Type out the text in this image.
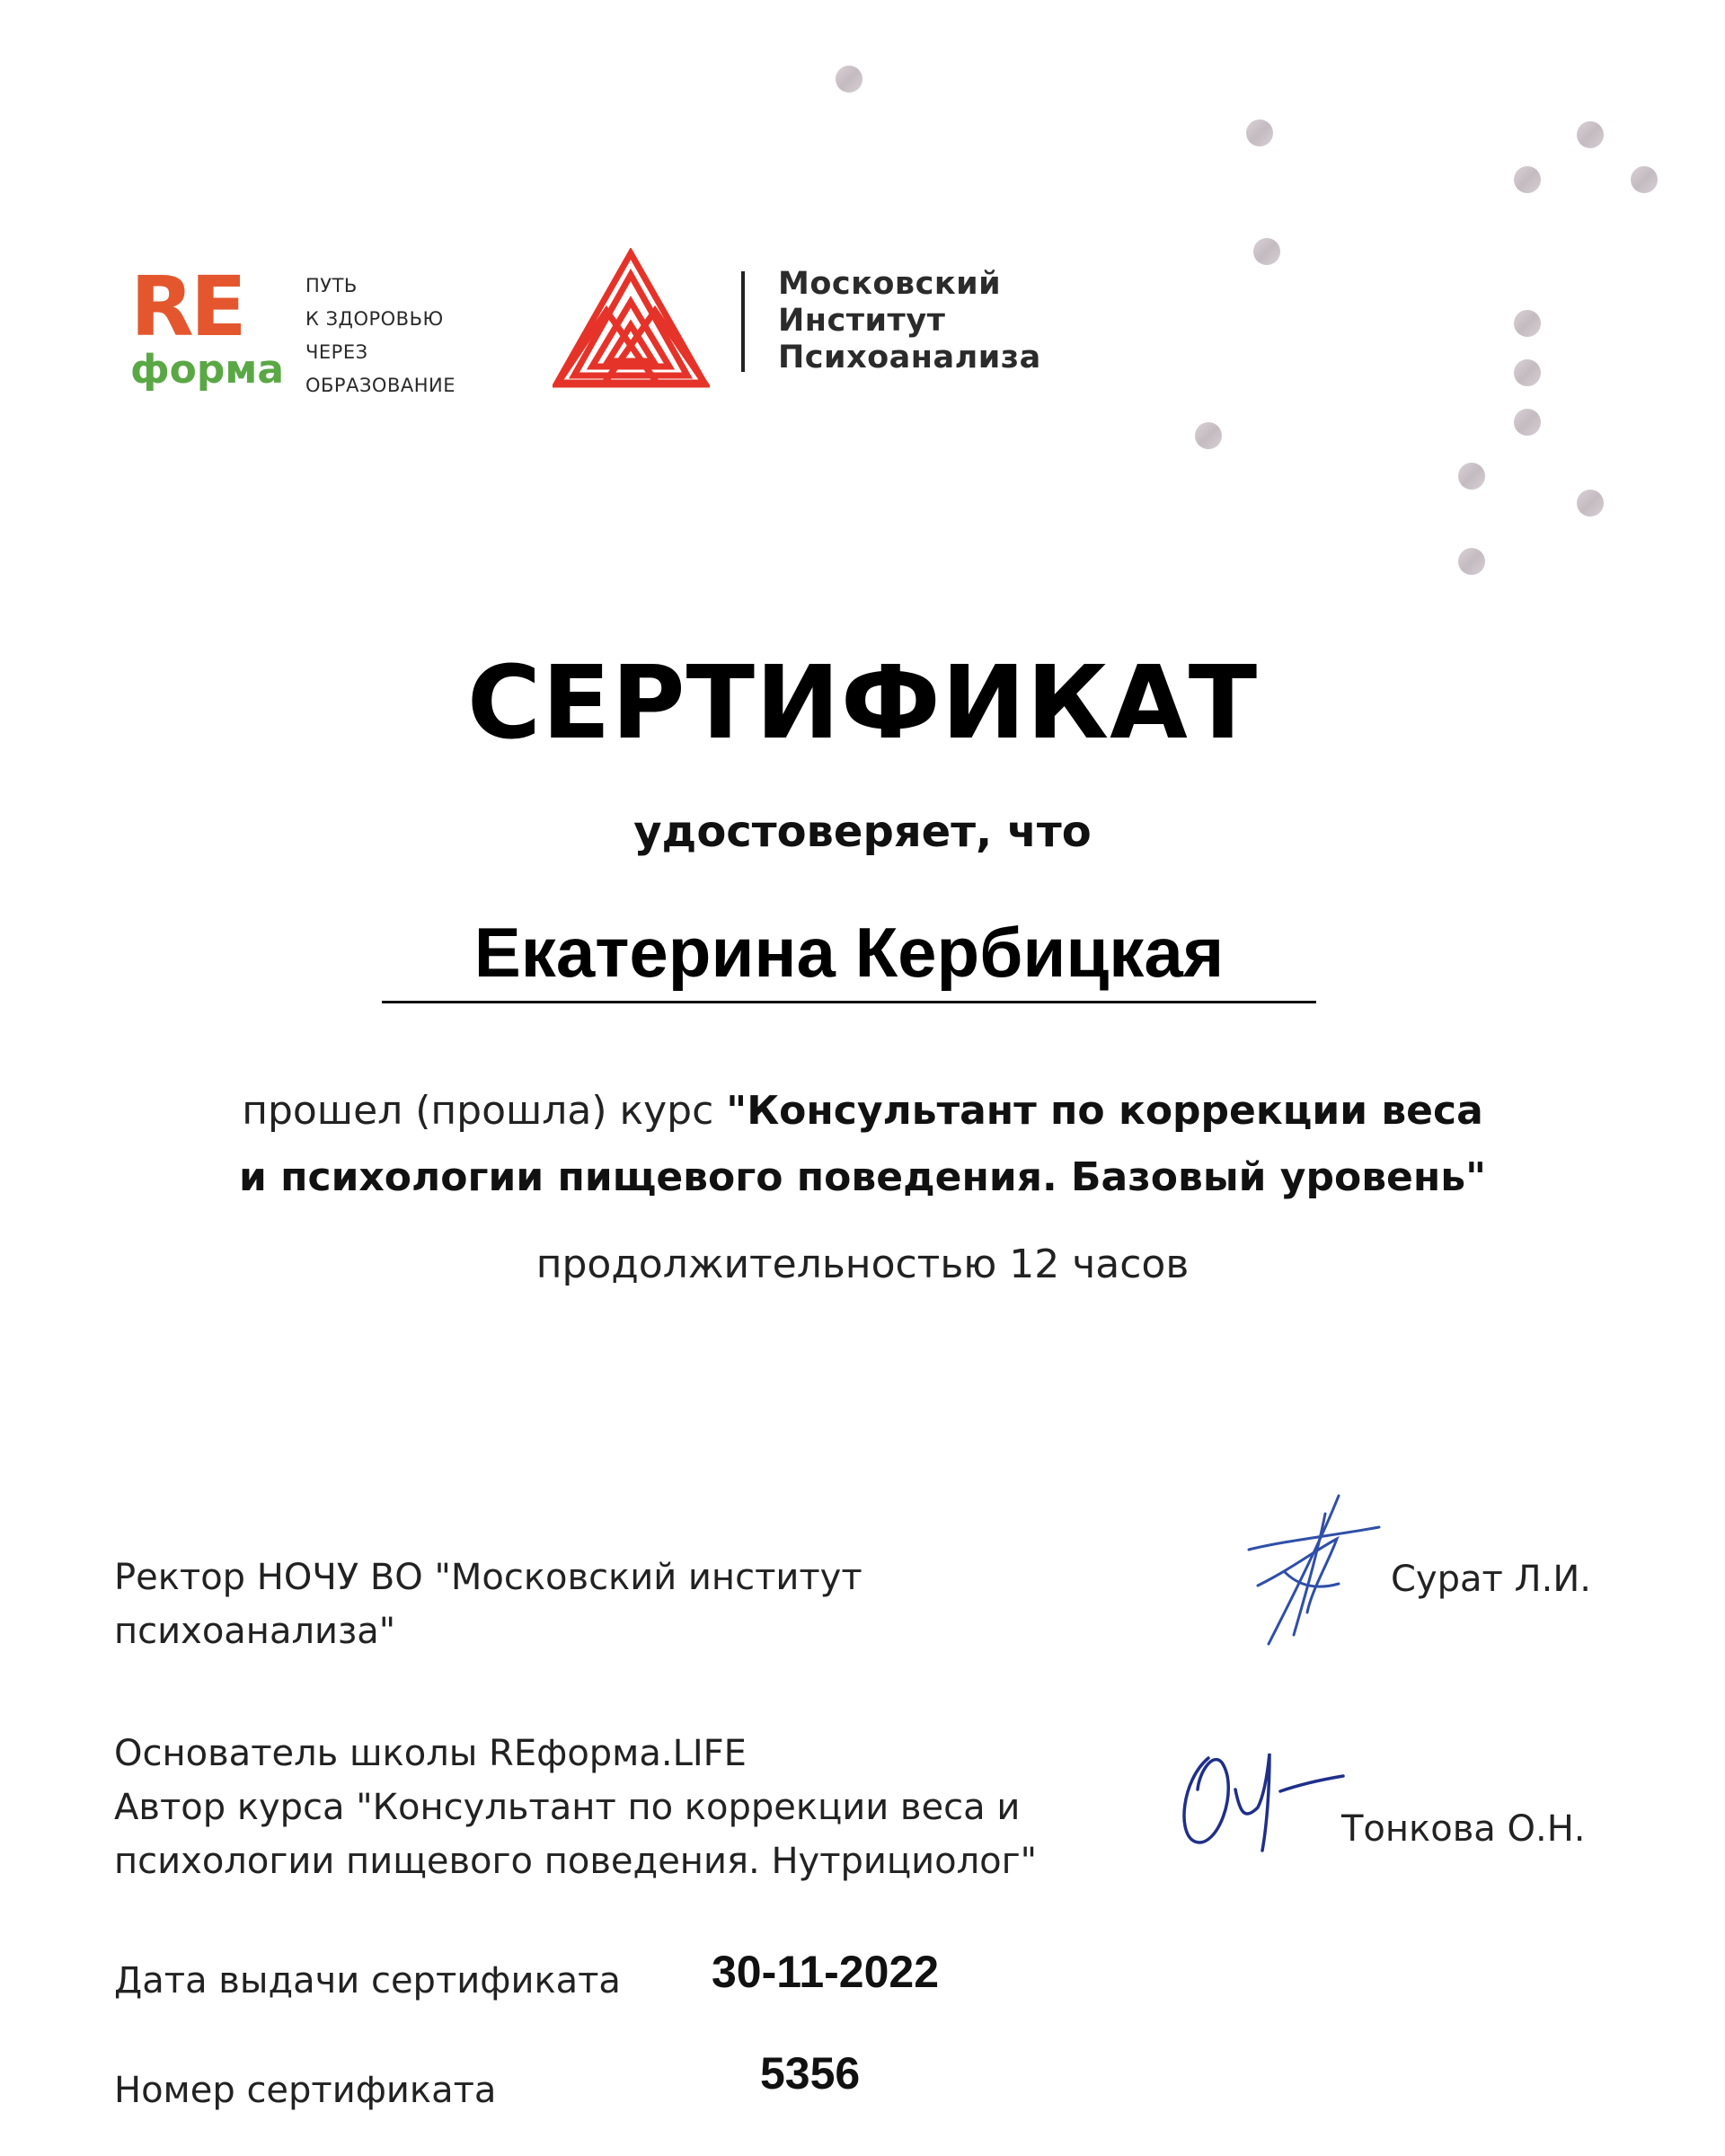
RE
форма
ПУТЬ
К ЗДОРОВЬЮ
ЧЕРЕЗ
ОБРАЗОВАНИЕ
Московский
Институт
Психоанализа
СЕРТИФИКАТ
удостоверяет, что
Екатерина Кербицкая
прошел (прошла) курс "Консультант по коррекции веса
и психологии пищевого поведения. Базовый уровень"
продолжительностью 12 часов
Ректор НОЧУ ВО "Московский институт
психоанализа"
Сурат Л.И.
Основатель школы REформа.LIFE
Автор курса "Консультант по коррекции веса и
психологии пищевого поведения. Нутрициолог"
Тонкова О.Н.
Дата выдачи сертификата 30-11-2022
Номер сертификата	5356
